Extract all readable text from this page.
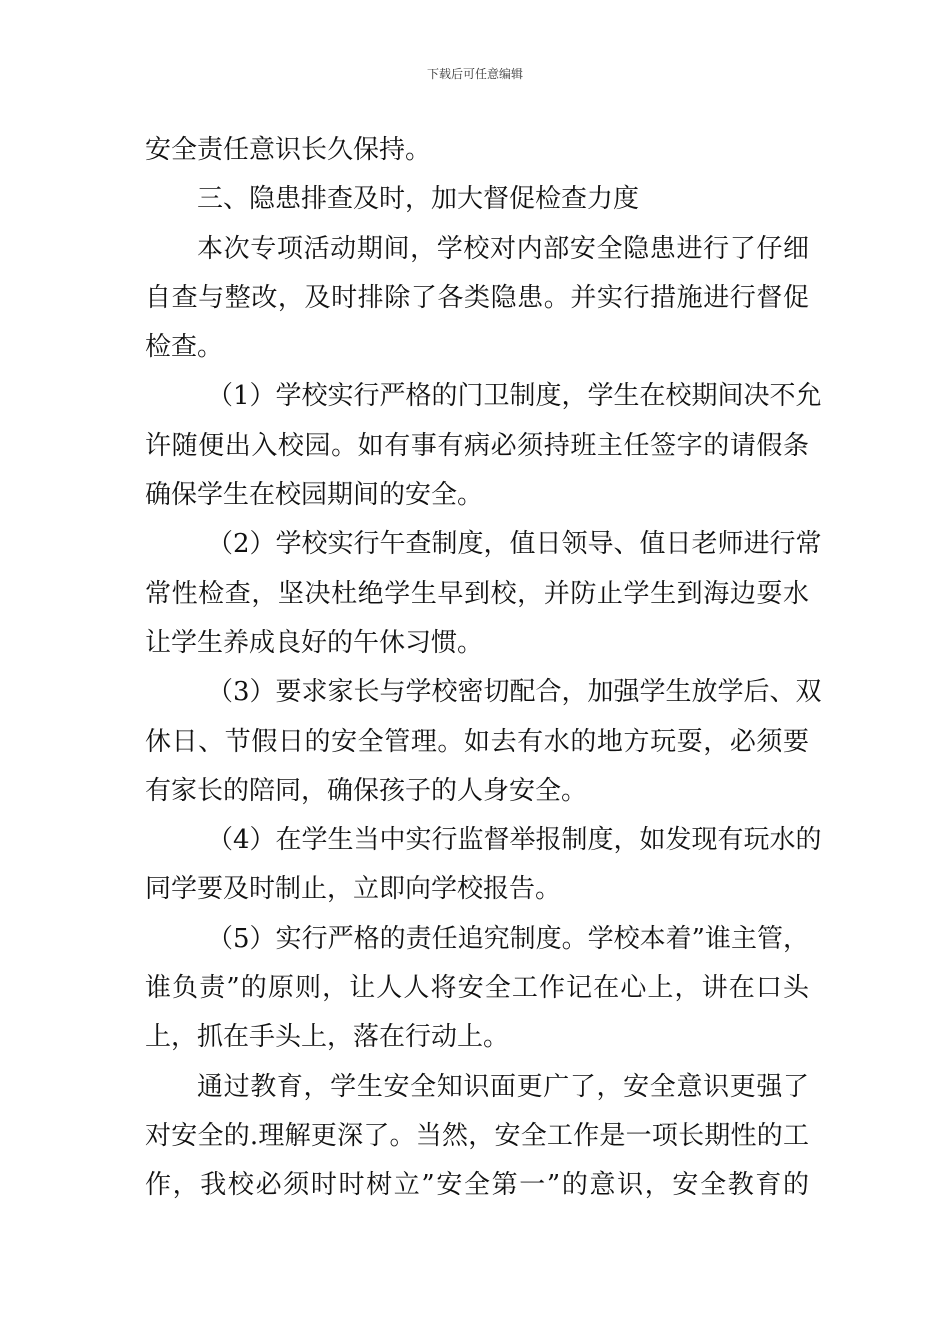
下载后可任意编辑
安全责任意识长久保持。
三、隐患排查及时，加大督促检查力度
本次专项活动期间，学校对内部安全隐患进行了仔细
自查与整改，及时排除了各类隐患。并实行措施进行督促
检查。
（1）学校实行严格的门卫制度，学生在校期间决不允
许随便出入校园。如有事有病必须持班主任签字的请假条
确保学生在校园期间的安全。
（2）学校实行午查制度，值日领导、值日老师进行常
常性检查，坚决杜绝学生早到校，并防止学生到海边耍水
让学生养成良好的午休习惯。
（3）要求家长与学校密切配合，加强学生放学后、双
休日、节假日的安全管理。如去有水的地方玩耍，必须要
有家长的陪同，确保孩子的人身安全。
（4）在学生当中实行监督举报制度，如发现有玩水的
同学要及时制止，立即向学校报告。
（5）实行严格的责任追究制度。学校本着”谁主管，
谁负责”的原则，让人人将安全工作记在心上，讲在口头
上，抓在手头上，落在行动上。
通过教育，学生安全知识面更广了，安全意识更强了
对安全的.理解更深了。当然，安全工作是一项长期性的工
作，我校必须时时树立”安全第一”的意识，安全教育的
